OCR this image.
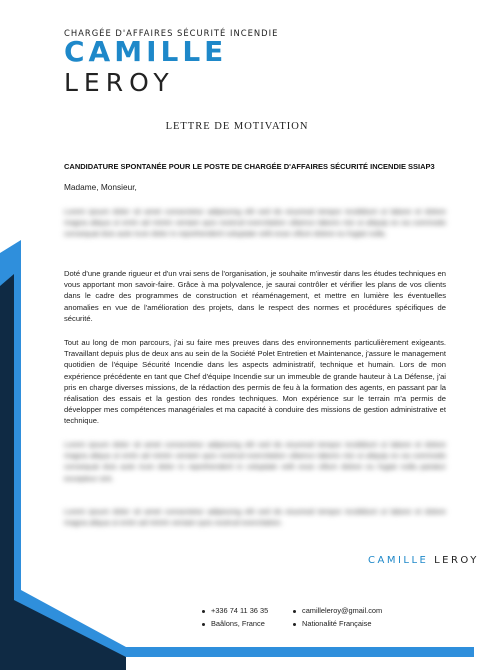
CHARGÉE D'AFFAIRES SÉCURITÉ INCENDIE
CAMILLE
LEROY
LETTRE DE MOTIVATION
CANDIDATURE SPONTANÉE POUR LE POSTE DE CHARGÉE D'AFFAIRES SÉCURITÉ INCENDIE SSIAP3
Madame, Monsieur,

Lorem ipsum dolor sit amet consectetur adipiscing elit sed do eiusmod tempor incididunt ut labore et dolore magna aliqua ut enim ad minim veniam quis nostrud exercitation ullamco laboris nisi ut aliquip ex ea commodo consequat duis aute irure dolor in reprehenderit voluptate velit esse cillum dolore eu fugiat nulla.

Doté d'une grande rigueur et d'un vrai sens de l'organisation, je souhaite m'investir dans les études techniques en vous apportant mon savoir-faire. Grâce à ma polyvalence, je saurai contrôler et vérifier les plans de vos clients dans le cadre des programmes de construction et réaménagement, et mettre en lumière les éventuelles anomalies en vue de l'amélioration des projets, dans le respect des normes et procédures spécifiques de sécurité.

Tout au long de mon parcours, j'ai su faire mes preuves dans des environnements particulièrement exigeants. Travaillant depuis plus de deux ans au sein de la Société Polet Entretien et Maintenance, j'assure le management quotidien de l'équipe Sécurité Incendie dans les aspects administratif, technique et humain. Lors de mon expérience précédente en tant que Chef d'équipe Incendie sur un immeuble de grande hauteur à La Défense, j'ai pris en charge diverses missions, de la rédaction des permis de feu à la formation des agents, en passant par la réalisation des essais et la gestion des rondes techniques. Mon expérience sur le terrain m'a permis de développer mes compétences managériales et ma capacité à conduire des missions de gestion administrative et technique.

Lorem ipsum dolor sit amet consectetur adipiscing elit sed do eiusmod tempor incididunt ut labore et dolore magna aliqua ut enim ad minim veniam quis nostrud exercitation ullamco laboris nisi ut aliquip ex ea commodo consequat duis aute irure dolor in reprehenderit in voluptate velit esse cillum dolore eu fugiat nulla pariatur excepteur sint.

Lorem ipsum dolor sit amet consectetur adipiscing elit sed do eiusmod tempor incididunt ut labore et dolore magna aliqua ut enim ad minim veniam quis nostrud exercitation.

CAMILLE LEROY
+336 74 11 36 35
Baâlons, France
camilleleroy@gmail.com
Nationalité Française
